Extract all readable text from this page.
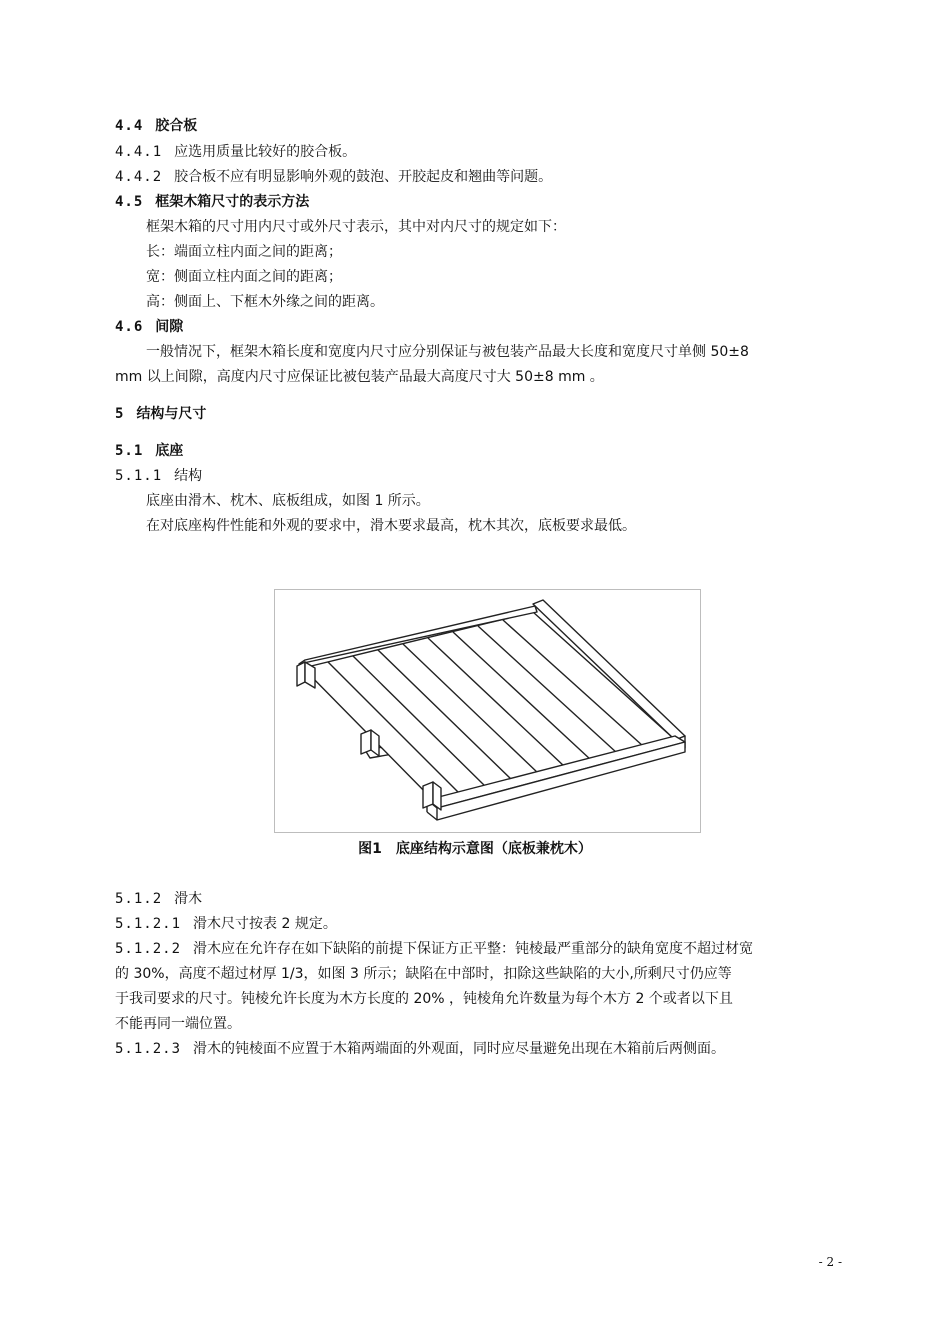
4.4 胶合板
4.4.1 应选用质量比较好的胶合板。
4.4.2 胶合板不应有明显影响外观的鼓泡、开胶起皮和翘曲等问题。
4.5 框架木箱尺寸的表示方法
框架木箱的尺寸用内尺寸或外尺寸表示，其中对内尺寸的规定如下：
长：端面立柱内面之间的距离；
宽：侧面立柱内面之间的距离；
高：侧面上、下框木外缘之间的距离。
4.6 间隙
一般情况下，框架木箱长度和宽度内尺寸应分别保证与被包装产品最大长度和宽度尺寸单侧 50±8
mm 以上间隙，高度内尺寸应保证比被包装产品最大高度尺寸大 50±8 mm 。
5 结构与尺寸
5.1 底座
5.1.1 结构
底座由滑木、枕木、底板组成，如图 1 所示。
在对底座构件性能和外观的要求中，滑木要求最高，枕木其次，底板要求最低。
图1　底座结构示意图（底板兼枕木）
5.1.2 滑木
5.1.2.1 滑木尺寸按表 2 规定。
5.1.2.2 滑木应在允许存在如下缺陷的前提下保证方正平整：钝棱最严重部分的缺角宽度不超过材宽
的 30%，高度不超过材厚 1/3，如图 3 所示；缺陷在中部时，扣除这些缺陷的大小,所剩尺寸仍应等
于我司要求的尺寸。钝棱允许长度为木方长度的 20% ，钝棱角允许数量为每个木方 2 个或者以下且
不能再同一端位置。
5.1.2.3 滑木的钝棱面不应置于木箱两端面的外观面，同时应尽量避免出现在木箱前后两侧面。
- 2 -
